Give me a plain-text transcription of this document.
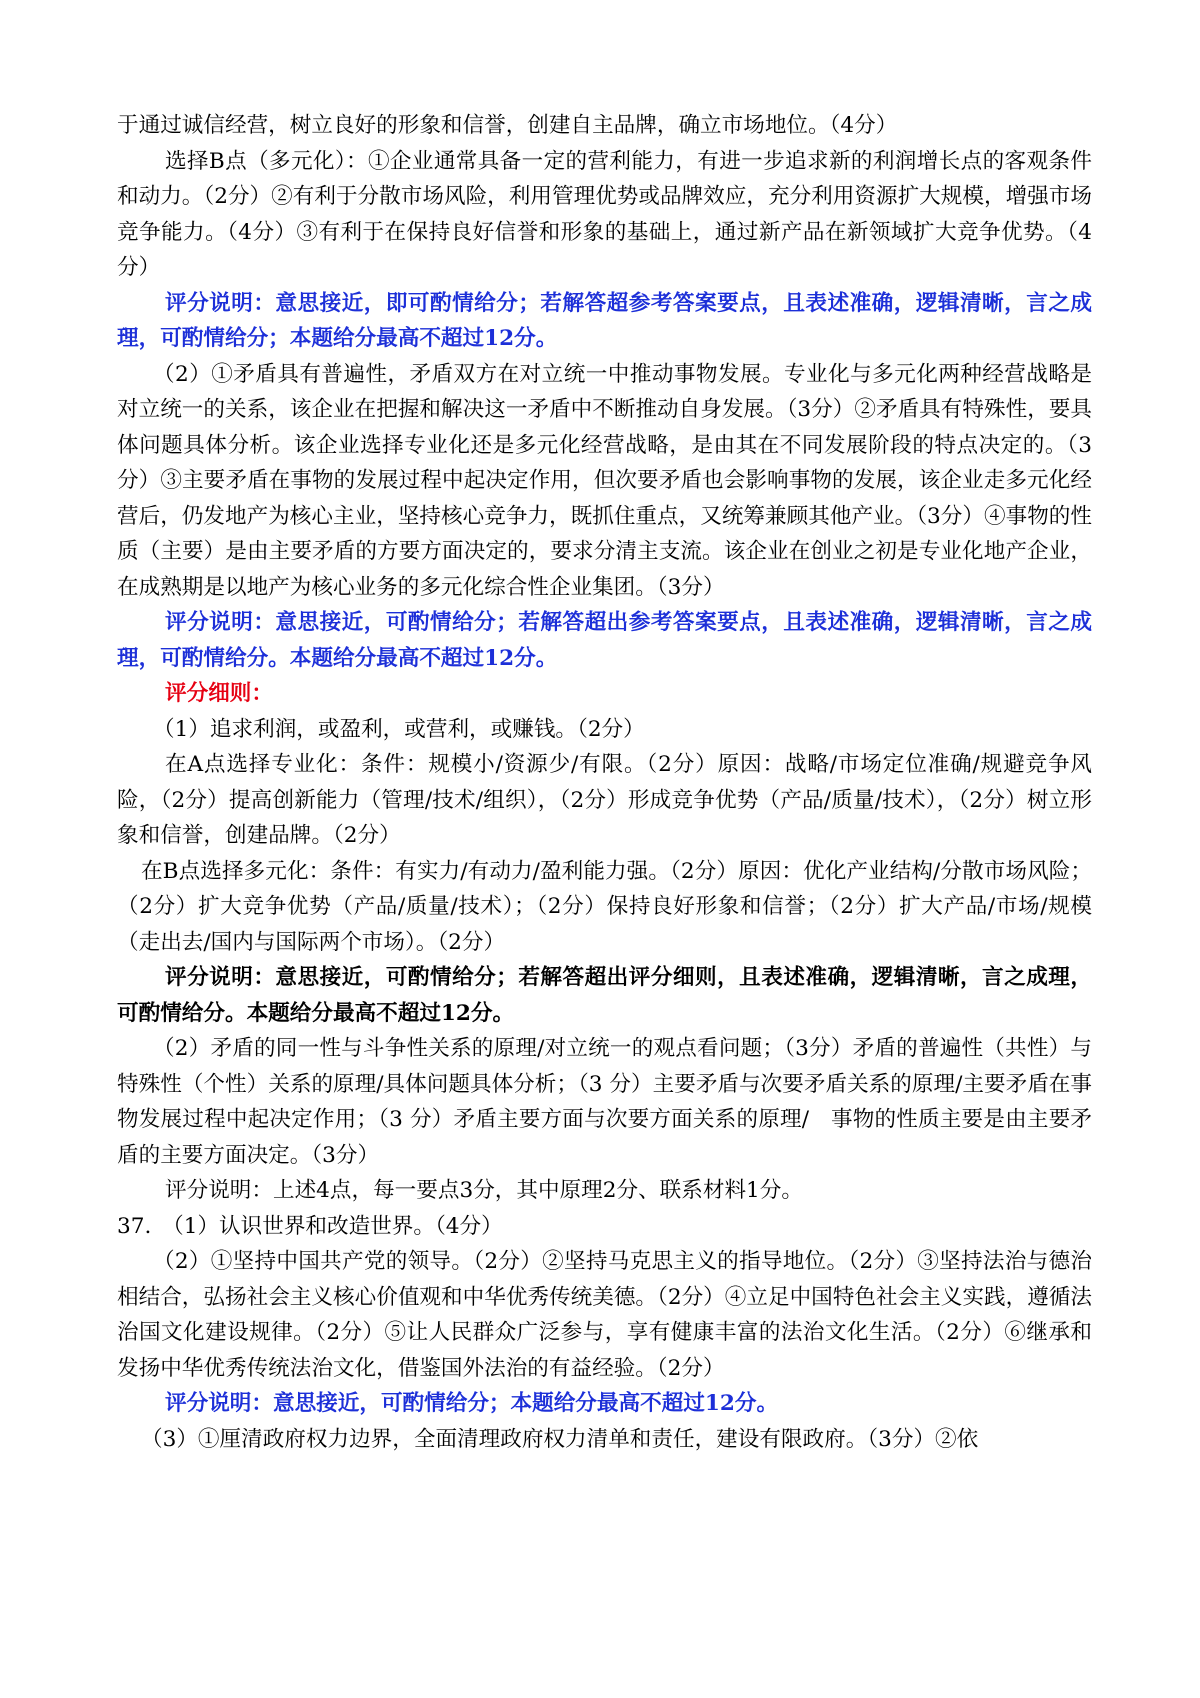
于通过诚信经营，树立良好的形象和信誉，创建自主品牌，确立市场地位。（4分）

选择B点（多元化）：①企业通常具备一定的营利能力，有进一步追求新的利润增长点的客观条件和动力。（2分）②有利于分散市场风险，利用管理优势或品牌效应，充分利用资源扩大规模，增强市场竞争能力。（4分）③有利于在保持良好信誉和形象的基础上，通过新产品在新领域扩大竞争优势。（4分）

评分说明：意思接近，即可酌情给分；若解答超参考答案要点，且表述准确，逻辑清晰，言之成理，可酌情给分；本题给分最高不超过12分。

（2）①矛盾具有普遍性，矛盾双方在对立统一中推动事物发展。专业化与多元化两种经营战略是对立统一的关系，该企业在把握和解决这一矛盾中不断推动自身发展。（3分）②矛盾具有特殊性，要具体问题具体分析。该企业选择专业化还是多元化经营战略，是由其在不同发展阶段的特点决定的。（3分）③主要矛盾在事物的发展过程中起决定作用，但次要矛盾也会影响事物的发展，该企业走多元化经营后，仍发地产为核心主业，坚持核心竞争力，既抓住重点，又统筹兼顾其他产业。（3分）④事物的性质（主要）是由主要矛盾的方要方面决定的，要求分清主支流。该企业在创业之初是专业化地产企业，在成熟期是以地产为核心业务的多元化综合性企业集团。（3分）

评分说明：意思接近，可酌情给分；若解答超出参考答案要点，且表述准确，逻辑清晰，言之成理，可酌情给分。本题给分最高不超过12分。

评分细则：

（1）追求利润，或盈利，或营利，或赚钱。（2分）

在A点选择专业化：条件：规模小/资源少/有限。（2分）原因：战略/市场定位准确/规避竞争风险，（2分）提高创新能力（管理/技术/组织），（2分）形成竞争优势（产品/质量/技术），（2分）树立形象和信誉，创建品牌。（2分）

在B点选择多元化：条件：有实力/有动力/盈利能力强。（2分）原因：优化产业结构/分散市场风险；（2分）扩大竞争优势（产品/质量/技术）；（2分）保持良好形象和信誉；（2分）扩大产品/市场/规模（走出去/国内与国际两个市场）。（2分）

评分说明：意思接近，可酌情给分；若解答超出评分细则，且表述准确，逻辑清晰，言之成理，可酌情给分。本题给分最高不超过12分。

（2）矛盾的同一性与斗争性关系的原理/对立统一的观点看问题；（3分）矛盾的普遍性（共性）与特殊性（个性）关系的原理/具体问题具体分析；（3 分）主要矛盾与次要矛盾关系的原理/主要矛盾在事物发展过程中起决定作用；（3 分）矛盾主要方面与次要方面关系的原理/　事物的性质主要是由主要矛盾的主要方面决定。（3分）

评分说明：上述4点，每一要点3分，其中原理2分、联系材料1分。

37.　（1）认识世界和改造世界。（4分）

（2）①坚持中国共产党的领导。（2分）②坚持马克思主义的指导地位。（2分）③坚持法治与德治相结合，弘扬社会主义核心价值观和中华优秀传统美德。（2分）④立足中国特色社会主义实践，遵循法治国文化建设规律。（2分）⑤让人民群众广泛参与，享有健康丰富的法治文化生活。（2分）⑥继承和发扬中华优秀传统法治文化，借鉴国外法治的有益经验。（2分）

评分说明：意思接近，可酌情给分；本题给分最高不超过12分。

（3）①厘清政府权力边界，全面清理政府权力清单和责任，建设有限政府。（3分）②依
